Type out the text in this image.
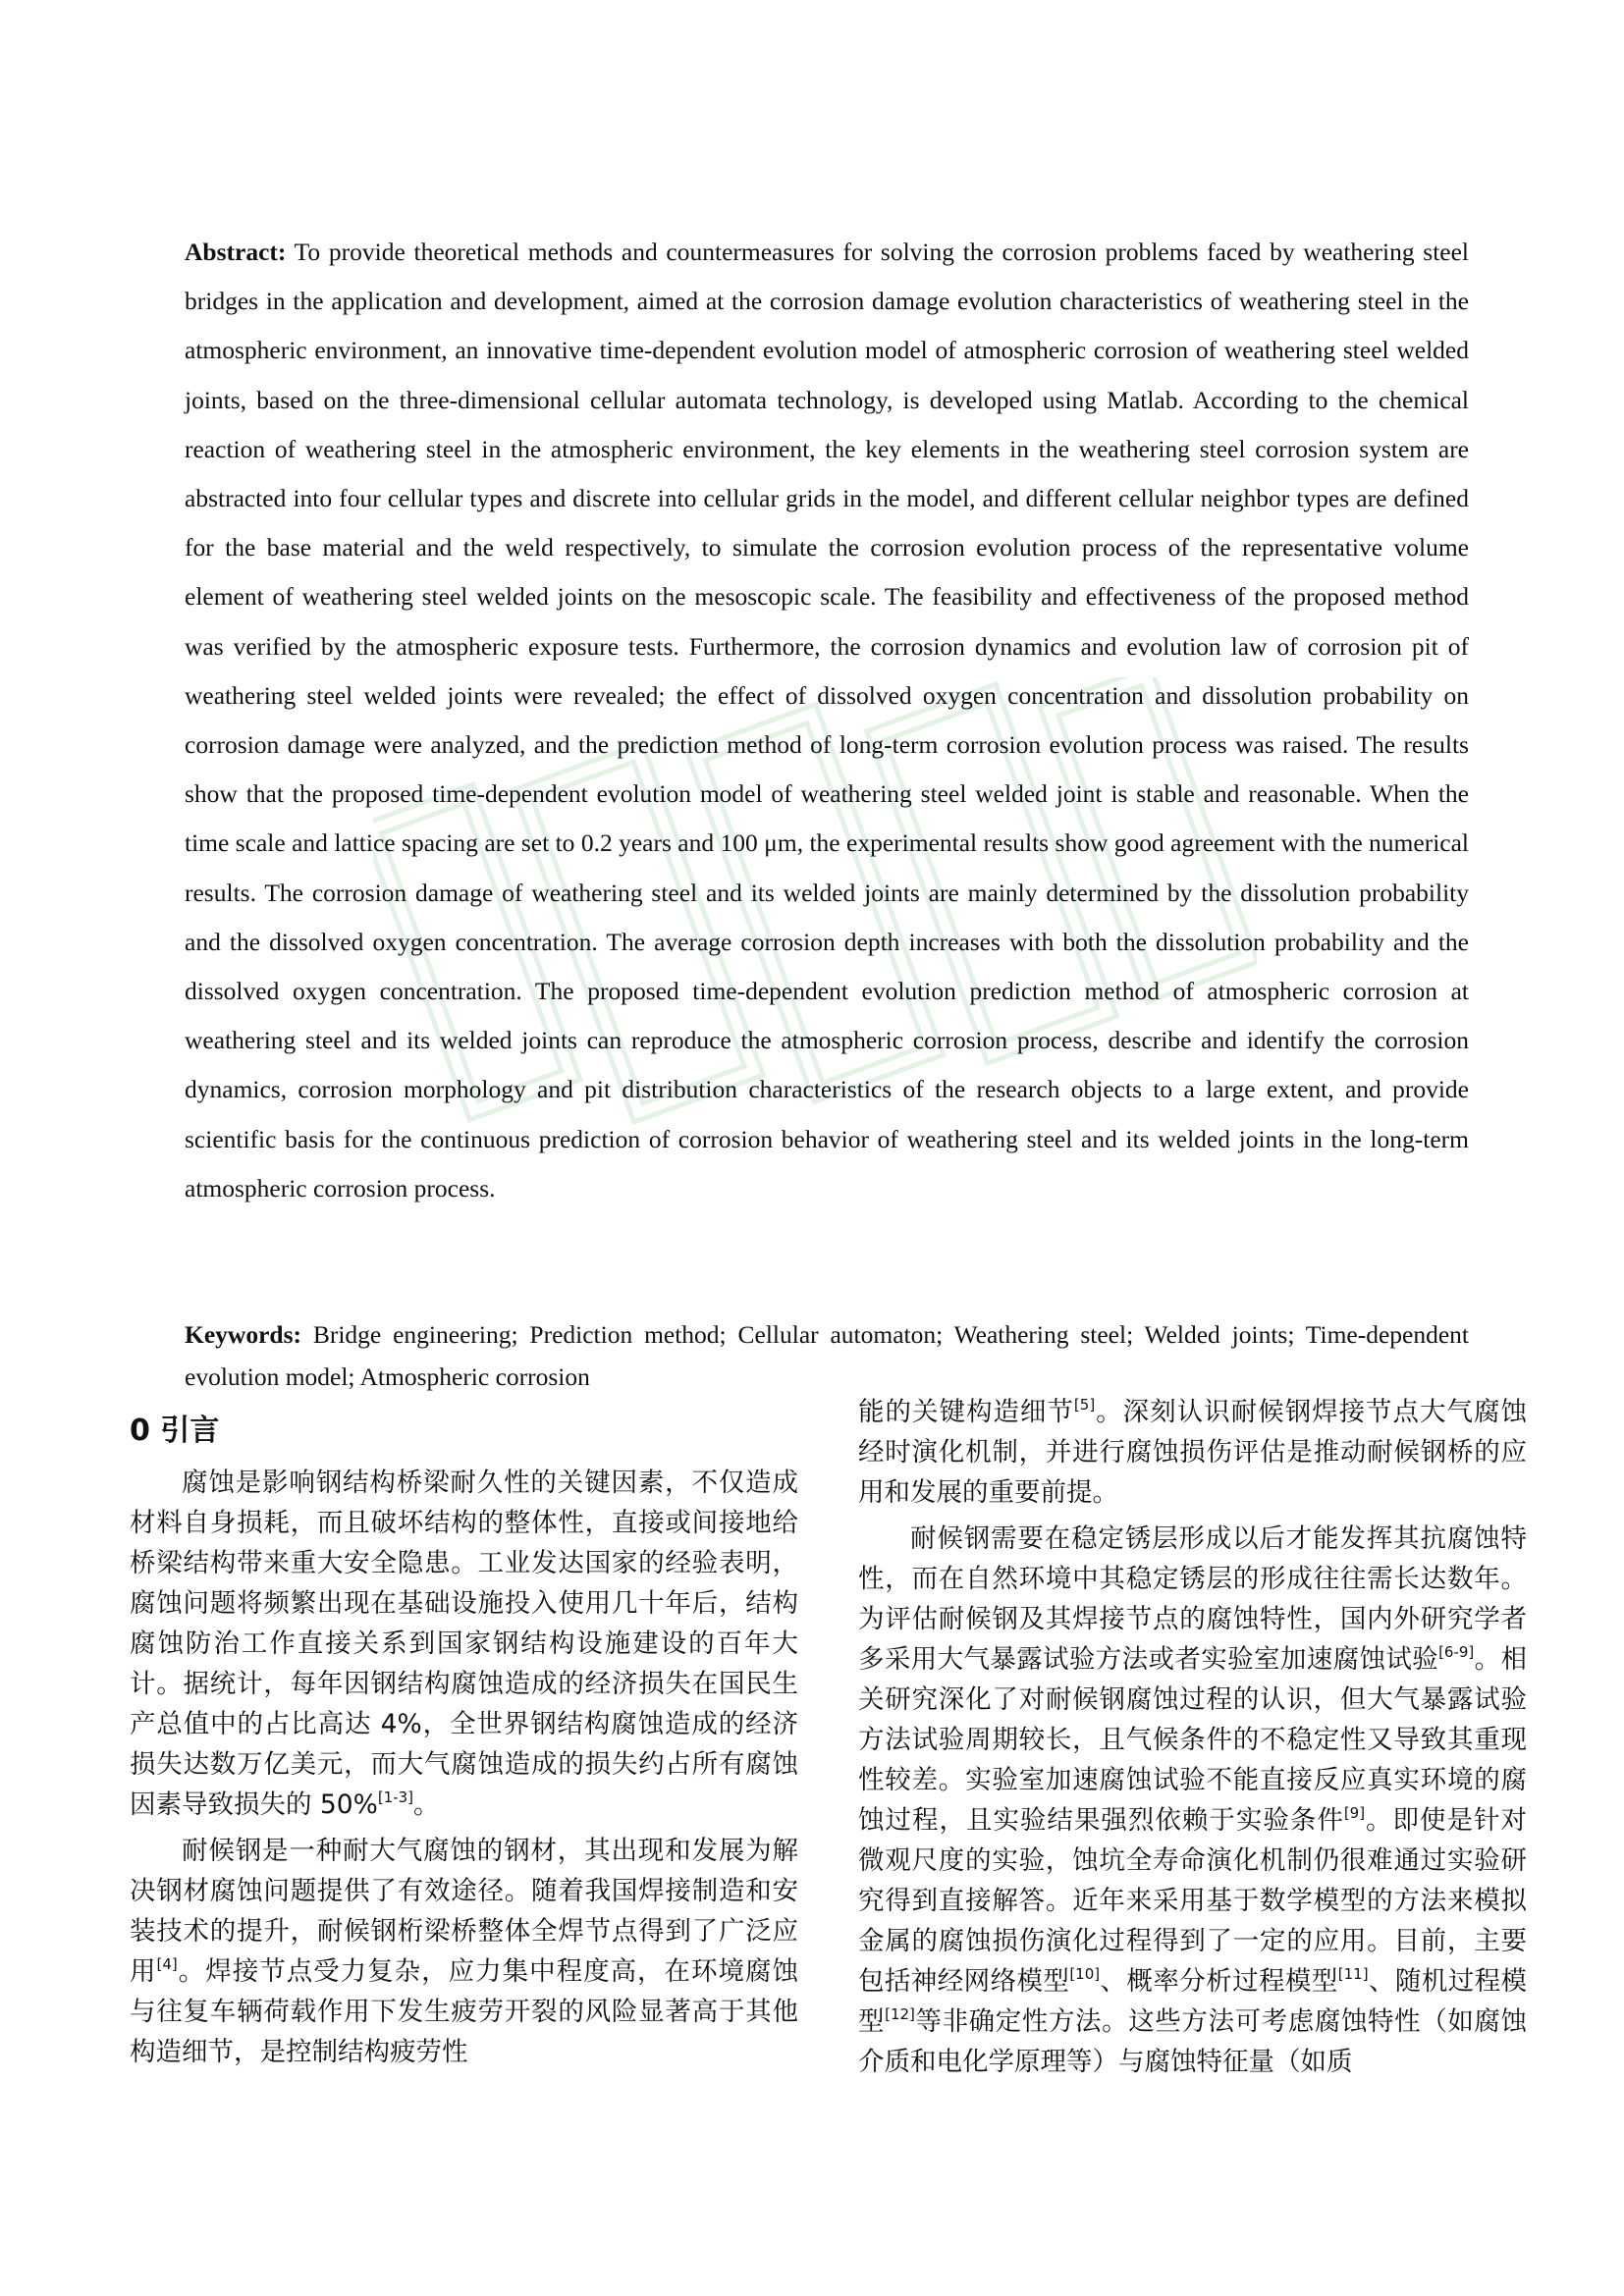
Abstract: To provide theoretical methods and countermeasures for solving the corrosion problems faced by weathering steel bridges in the application and development, aimed at the corrosion damage evolution characteristics of weathering steel in the atmospheric environment, an innovative time-dependent evolution model of atmospheric corrosion of weathering steel welded joints, based on the three-dimensional cellular automata technology, is developed using Matlab. According to the chemical reaction of weathering steel in the atmospheric environment, the key elements in the weathering steel corrosion system are abstracted into four cellular types and discrete into cellular grids in the model, and different cellular neighbor types are defined for the base material and the weld respectively, to simulate the corrosion evolution process of the representative volume element of weathering steel welded joints on the mesoscopic scale. The feasibility and effectiveness of the proposed method was verified by the atmospheric exposure tests. Furthermore, the corrosion dynamics and evolution law of corrosion pit of weathering steel welded joints were revealed; the effect of dissolved oxygen concentration and dissolution probability on corrosion damage were analyzed, and the prediction method of long-term corrosion evolution process was raised. The results show that the proposed time-dependent evolution model of weathering steel welded joint is stable and reasonable. When the time scale and lattice spacing are set to 0.2 years and 100 μm, the experimental results show good agreement with the numerical results. The corrosion damage of weathering steel and its welded joints are mainly determined by the dissolution probability and the dissolved oxygen concentration. The average corrosion depth increases with both the dissolution probability and the dissolved oxygen concentration. The proposed time-dependent evolution prediction method of atmospheric corrosion at weathering steel and its welded joints can reproduce the atmospheric corrosion process, describe and identify the corrosion dynamics, corrosion morphology and pit distribution characteristics of the research objects to a large extent, and provide scientific basis for the continuous prediction of corrosion behavior of weathering steel and its welded joints in the long-term atmospheric corrosion process.

Keywords: Bridge engineering; Prediction method; Cellular automaton; Weathering steel; Welded joints; Time-dependent evolution model; Atmospheric corrosion

0 引言

腐蚀是影响钢结构桥梁耐久性的关键因素，不仅造成材料自身损耗，而且破坏结构的整体性，直接或间接地给桥梁结构带来重大安全隐患。工业发达国家的经验表明，腐蚀问题将频繁出现在基础设施投入使用几十年后，结构腐蚀防治工作直接关系到国家钢结构设施建设的百年大计。据统计，每年因钢结构腐蚀造成的经济损失在国民生产总值中的占比高达 4%，全世界钢结构腐蚀造成的经济损失达数万亿美元，而大气腐蚀造成的损失约占所有腐蚀因素导致损失的 50%[1-3]。

耐候钢是一种耐大气腐蚀的钢材，其出现和发展为解决钢材腐蚀问题提供了有效途径。随着我国焊接制造和安装技术的提升，耐候钢桁梁桥整体全焊节点得到了广泛应用[4]。焊接节点受力复杂，应力集中程度高，在环境腐蚀与往复车辆荷载作用下发生疲劳开裂的风险显著高于其他构造细节，是控制结构疲劳性

能的关键构造细节[5]。深刻认识耐候钢焊接节点大气腐蚀经时演化机制，并进行腐蚀损伤评估是推动耐候钢桥的应用和发展的重要前提。

耐候钢需要在稳定锈层形成以后才能发挥其抗腐蚀特性，而在自然环境中其稳定锈层的形成往往需长达数年。为评估耐候钢及其焊接节点的腐蚀特性，国内外研究学者多采用大气暴露试验方法或者实验室加速腐蚀试验[6-9]。相关研究深化了对耐候钢腐蚀过程的认识，但大气暴露试验方法试验周期较长，且气候条件的不稳定性又导致其重现性较差。实验室加速腐蚀试验不能直接反应真实环境的腐蚀过程，且实验结果强烈依赖于实验条件[9]。即使是针对微观尺度的实验，蚀坑全寿命演化机制仍很难通过实验研究得到直接解答。近年来采用基于数学模型的方法来模拟金属的腐蚀损伤演化过程得到了一定的应用。目前，主要包括神经网络模型[10]、概率分析过程模型[11]、随机过程模型[12]等非确定性方法。这些方法可考虑腐蚀特性（如腐蚀介质和电化学原理等）与腐蚀特征量（如质
